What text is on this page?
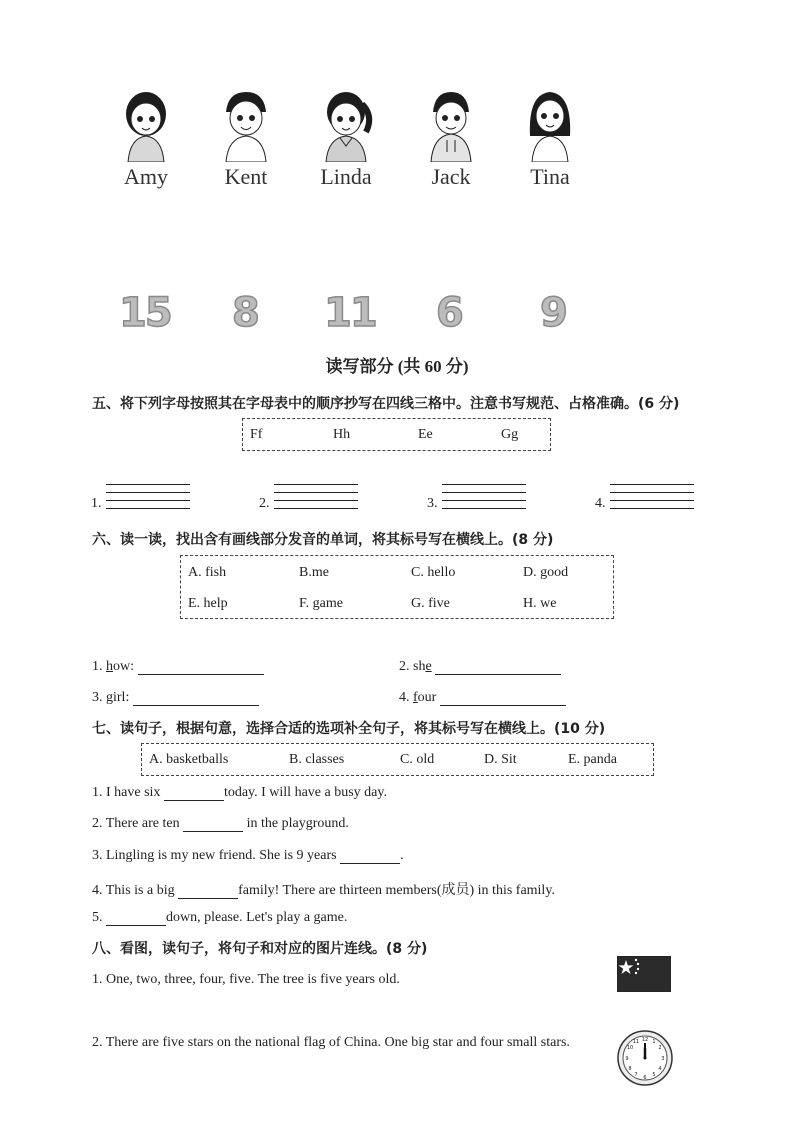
Amy	Kent	Linda	Jack	Tina
15 8 11 6 9
读写部分 (共 60 分)
五、将下列字母按照其在字母表中的顺序抄写在四线三格中。注意书写规范、占格准确。(6 分)
Ff	Hh	Ee	Gg
1.	2.	3.	4.
六、读一读，找出含有画线部分发音的单词，将其标号写在横线上。(8 分)
A. fish	B.me	C. hello	D. good
E. help	F. game	G. five	H. we
1. how:	2. she
3. girl:	4. four
七、读句子，根据句意，选择合适的选项补全句子，将其标号写在横线上。(10 分)
A. basketballs	B. classes	C. old	D. Sit	E. panda
1. I have six	today. I will have a busy day.
2. There are ten	in the playground.
3. Lingling is my new friend. She is 9 years	.
4. This is a big	family! There are thirteen members(成员) in this family.
5.	down, please. Let's play a game.
八、看图，读句子，将句子和对应的图片连线。(8 分)
1. One, two, three, four, five. The tree is five years old.
2. There are five stars on the national flag of China. One big star and four small stars.	12 1
2
3
4
5
6
7
8
9
10
11
